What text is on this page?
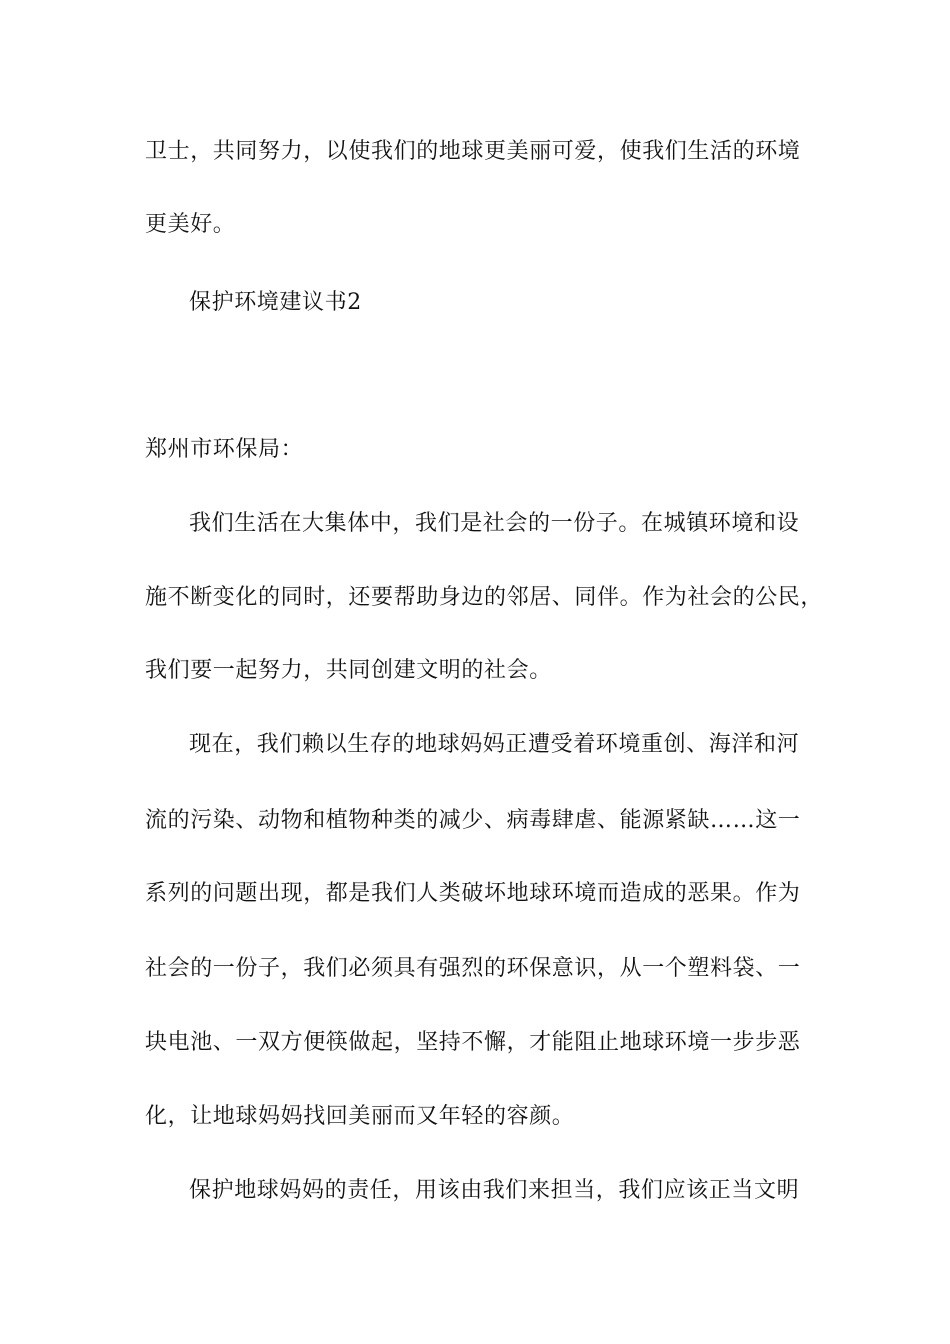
卫士，共同努力，以使我们的地球更美丽可爱，使我们生活的环境
更美好。
保护环境建议书2
郑州市环保局：
我们生活在大集体中，我们是社会的一份子。在城镇环境和设
施不断变化的同时，还要帮助身边的邻居、同伴。作为社会的公民，
我们要一起努力，共同创建文明的社会。
现在，我们赖以生存的地球妈妈正遭受着环境重创、海洋和河
流的污染、动物和植物种类的减少、病毒肆虐、能源紧缺……这一
系列的问题出现，都是我们人类破坏地球环境而造成的恶果。作为
社会的一份子，我们必须具有强烈的环保意识，从一个塑料袋、一
块电池、一双方便筷做起，坚持不懈，才能阻止地球环境一步步恶
化，让地球妈妈找回美丽而又年轻的容颜。
保护地球妈妈的责任，用该由我们来担当，我们应该正当文明
